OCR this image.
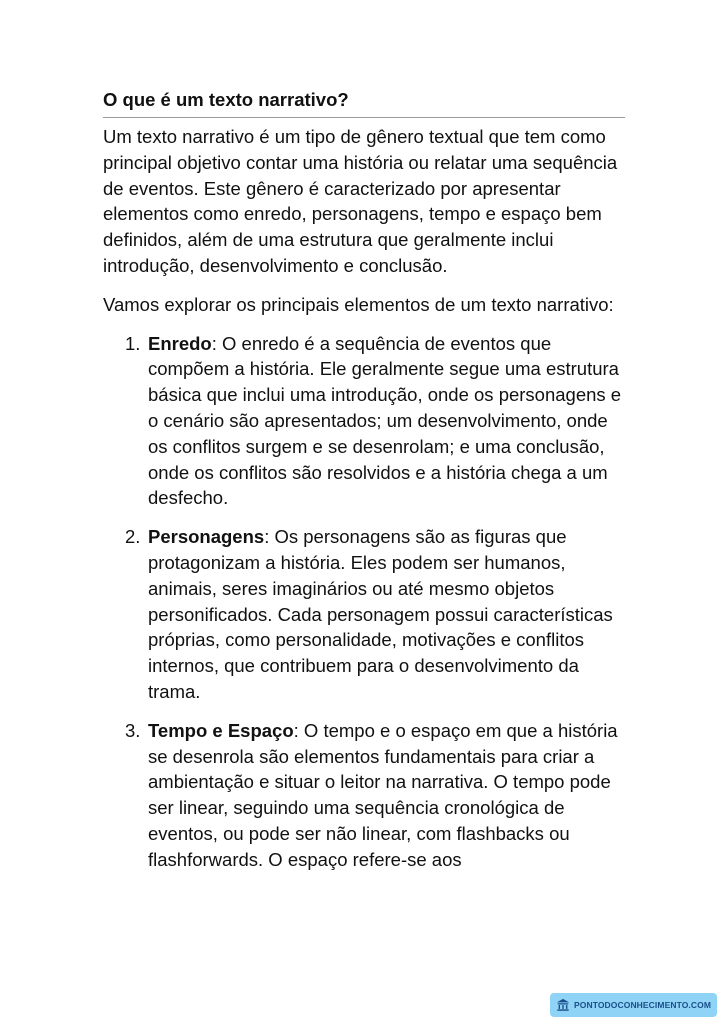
O que é um texto narrativo?

Um texto narrativo é um tipo de gênero textual que tem como principal objetivo contar uma história ou relatar uma sequência de eventos. Este gênero é caracterizado por apresentar elementos como enredo, personagens, tempo e espaço bem definidos, além de uma estrutura que geralmente inclui introdução, desenvolvimento e conclusão.

Vamos explorar os principais elementos de um texto narrativo:

1. Enredo: O enredo é a sequência de eventos que compõem a história. Ele geralmente segue uma estrutura básica que inclui uma introdução, onde os personagens e o cenário são apresentados; um desenvolvimento, onde os conflitos surgem e se desenrolam; e uma conclusão, onde os conflitos são resolvidos e a história chega a um desfecho.
2. Personagens: Os personagens são as figuras que protagonizam a história. Eles podem ser humanos, animais, seres imaginários ou até mesmo objetos personificados. Cada personagem possui características próprias, como personalidade, motivações e conflitos internos, que contribuem para o desenvolvimento da trama.
3. Tempo e Espaço: O tempo e o espaço em que a história se desenrola são elementos fundamentais para criar a ambientação e situar o leitor na narrativa. O tempo pode ser linear, seguindo uma sequência cronológica de eventos, ou pode ser não linear, com flashbacks ou flashforwards. O espaço refere-se aos
PONTODOCONHECIMENTO.COM
